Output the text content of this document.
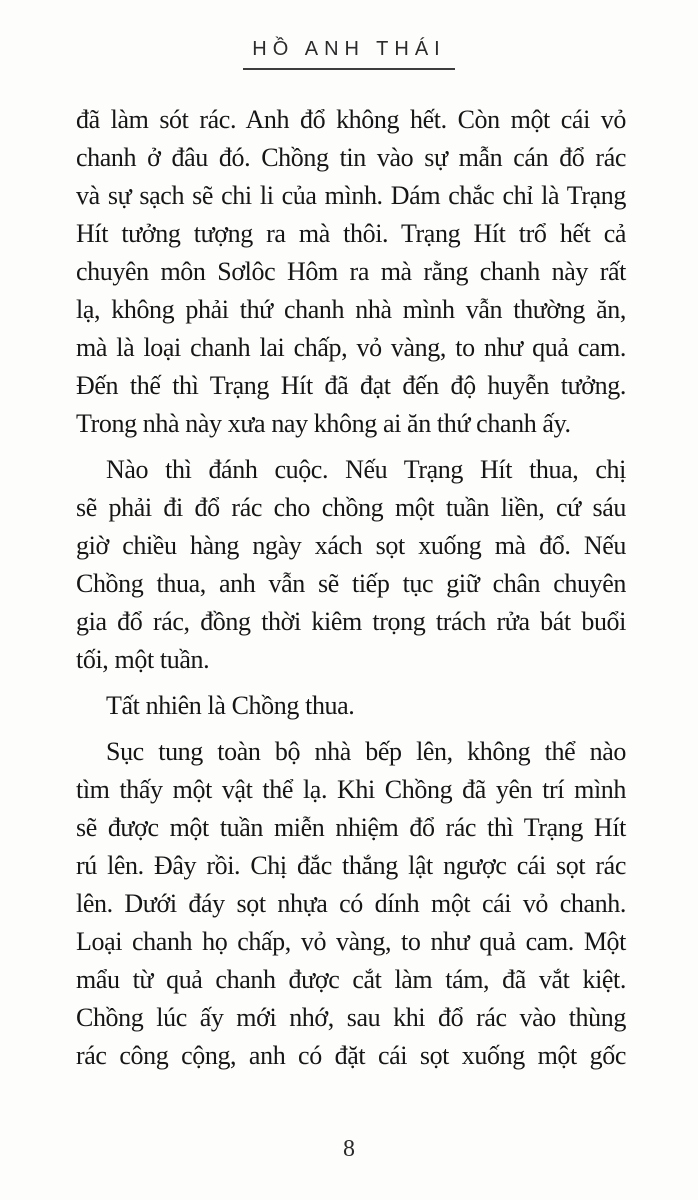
HỒ ANH THÁI
đã làm sót rác. Anh đổ không hết. Còn một cái vỏ
chanh ở đâu đó. Chồng tin vào sự mẫn cán đổ rác
và sự sạch sẽ chi li của mình. Dám chắc chỉ là Trạng
Hít tưởng tượng ra mà thôi. Trạng Hít trổ hết cả
chuyên môn Sơlôc Hôm ra mà rằng chanh này rất
lạ, không phải thứ chanh nhà mình vẫn thường ăn,
mà là loại chanh lai chấp, vỏ vàng, to như quả cam.
Đến thế thì Trạng Hít đã đạt đến độ huyễn tưởng.
Trong nhà này xưa nay không ai ăn thứ chanh ấy.
Nào thì đánh cuộc. Nếu Trạng Hít thua, chị
sẽ phải đi đổ rác cho chồng một tuần liền, cứ sáu
giờ chiều hàng ngày xách sọt xuống mà đổ. Nếu
Chồng thua, anh vẫn sẽ tiếp tục giữ chân chuyên
gia đổ rác, đồng thời kiêm trọng trách rửa bát buổi
tối, một tuần.
Tất nhiên là Chồng thua.
Sục tung toàn bộ nhà bếp lên, không thể nào
tìm thấy một vật thể lạ. Khi Chồng đã yên trí mình
sẽ được một tuần miễn nhiệm đổ rác thì Trạng Hít
rú lên. Đây rồi. Chị đắc thắng lật ngược cái sọt rác
lên. Dưới đáy sọt nhựa có dính một cái vỏ chanh.
Loại chanh họ chấp, vỏ vàng, to như quả cam. Một
mẩu từ quả chanh được cắt làm tám, đã vắt kiệt.
Chồng lúc ấy mới nhớ, sau khi đổ rác vào thùng
rác công cộng, anh có đặt cái sọt xuống một gốc
8
